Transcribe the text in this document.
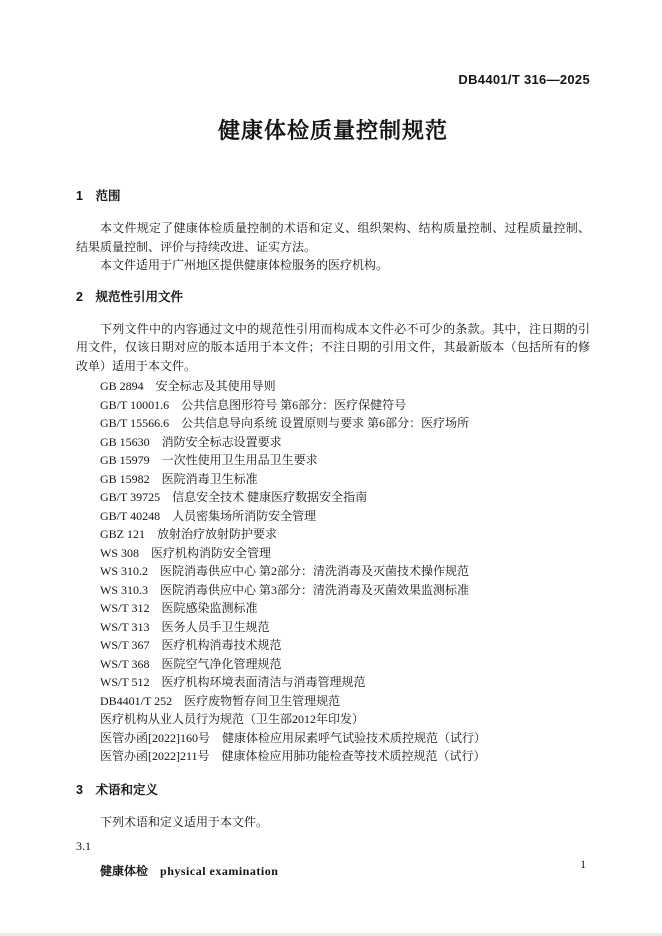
DB4401/T 316—2025
健康体检质量控制规范
1　范围

本文件规定了健康体检质量控制的术语和定义、组织架构、结构质量控制、过程质量控制、结果质量控制、评价与持续改进、证实方法。

本文件适用于广州地区提供健康体检服务的医疗机构。

2　规范性引用文件

下列文件中的内容通过文中的规范性引用而构成本文件必不可少的条款。其中，注日期的引用文件，仅该日期对应的版本适用于本文件；不注日期的引用文件，其最新版本（包括所有的修改单）适用于本文件。

GB 2894　安全标志及其使用导则
GB/T 10001.6　公共信息图形符号 第6部分：医疗保健符号
GB/T 15566.6　公共信息导向系统 设置原则与要求 第6部分：医疗场所
GB 15630　消防安全标志设置要求
GB 15979　一次性使用卫生用品卫生要求
GB 15982　医院消毒卫生标准
GB/T 39725　信息安全技术 健康医疗数据安全指南
GB/T 40248　人员密集场所消防安全管理
GBZ 121　放射治疗放射防护要求
WS 308　医疗机构消防安全管理
WS 310.2　医院消毒供应中心 第2部分：清洗消毒及灭菌技术操作规范
WS 310.3　医院消毒供应中心 第3部分：清洗消毒及灭菌效果监测标准
WS/T 312　医院感染监测标准
WS/T 313　医务人员手卫生规范
WS/T 367　医疗机构消毒技术规范
WS/T 368　医院空气净化管理规范
WS/T 512　医疗机构环境表面清洁与消毒管理规范
DB4401/T 252　医疗废物暂存间卫生管理规范
医疗机构从业人员行为规范（卫生部2012年印发）
医管办函[2022]160号　健康体检应用尿素呼气试验技术质控规范（试行）
医管办函[2022]211号　健康体检应用肺功能检查等技术质控规范（试行）
3　术语和定义

下列术语和定义适用于本文件。

3.1

健康体检 physical examination	1
